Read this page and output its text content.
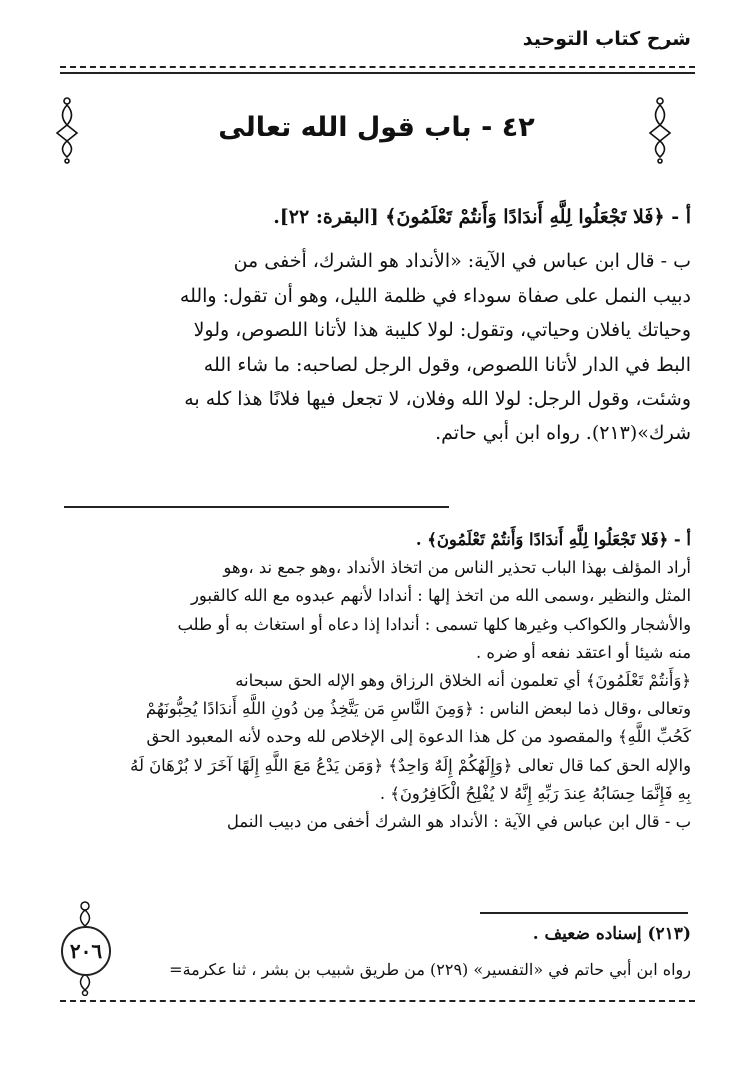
شرح كتاب التوحيد
٤٢ - باب قول الله تعالى

أ - ﴿فَلا تَجْعَلُوا لِلَّهِ أَندَادًا وَأَنتُمْ تَعْلَمُونَ﴾ [البقرة: ٢٢].

ب - قال ابن عباس في الآية: «الأنداد هو الشرك، أخفى من

دبيب النمل على صفاة سوداء في ظلمة الليل، وهو أن تقول: والله

وحياتك يافلان وحياتي، وتقول: لولا كليبة هذا لأتانا اللصوص، ولولا

البط في الدار لأتانا اللصوص، وقول الرجل لصاحبه: ما شاء الله

وشئت، وقول الرجل: لولا الله وفلان، لا تجعل فيها فلانًا هذا كله به

شرك»(٢١٣). رواه ابن أبي حاتم.

أ - ﴿فَلا تَجْعَلُوا لِلَّهِ أَندَادًا وَأَنتُمْ تَعْلَمُونَ﴾ .

أراد المؤلف بهذا الباب تحذير الناس من اتخاذ الأنداد ،وهو جمع ند ،وهو

المثل والنظير ،وسمى الله من اتخذ إلها : أندادا لأنهم عبدوه مع الله كالقبور

والأشجار والكواكب وغيرها كلها تسمى : أندادا إذا دعاه أو استغاث به أو طلب

منه شيئا أو اعتقد نفعه أو ضره .

﴿وَأَنتُمْ تَعْلَمُونَ﴾ أي تعلمون أنه الخلاق الرزاق وهو الإله الحق سبحانه

وتعالى ،وقال ذما لبعض الناس : ﴿وَمِنَ النَّاسِ مَن يَتَّخِذُ مِن دُونِ اللَّهِ أَندَادًا يُحِبُّونَهُمْ

كَحُبِّ اللَّهِ﴾ والمقصود من كل هذا الدعوة إلى الإخلاص لله وحده لأنه المعبود الحق

والإله الحق كما قال تعالى ﴿وَإِلَهُكُمْ إِلَهٌ وَاحِدٌ﴾ ﴿وَمَن يَدْعُ مَعَ اللَّهِ إِلَهًا آخَرَ لا بُرْهَانَ لَهُ

بِهِ فَإِنَّمَا حِسَابُهُ عِندَ رَبِّهِ إِنَّهُ لا يُفْلِحُ الْكَافِرُونَ﴾ .

ب - قال ابن عباس في الآية : الأنداد هو الشرك أخفى من دبيب النمل

(٢١٣) إسناده ضعيف .
رواه ابن أبي حاتم في «التفسير» (٢٢٩) من طريق شبيب بن بشر ، ثنا عكرمة=
٢٠٦
